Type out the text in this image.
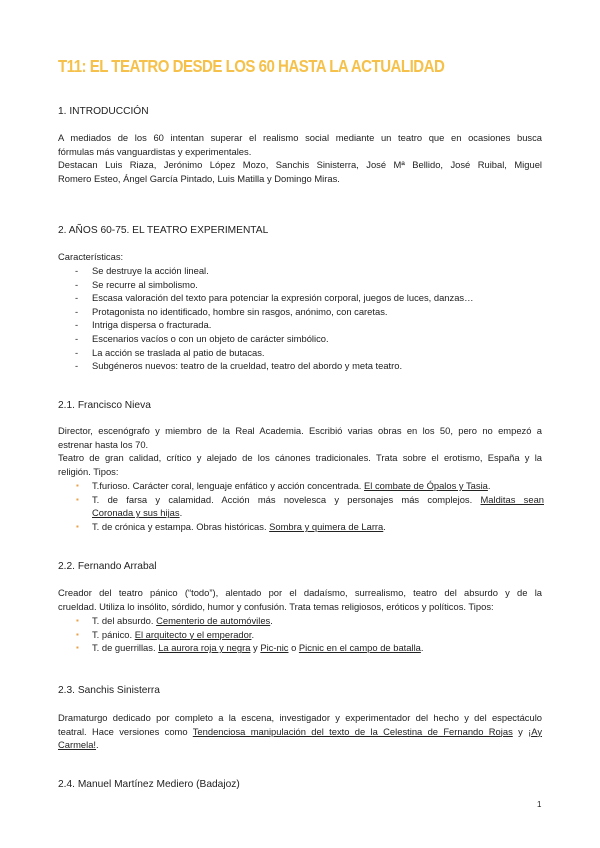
T11: EL TEATRO DESDE LOS 60 HASTA LA ACTUALIDAD
1. INTRODUCCIÓN
A mediados de los 60 intentan superar el realismo social mediante un teatro que en ocasiones busca
fórmulas más vanguardistas y experimentales.
Destacan Luis Riaza, Jerónimo López Mozo, Sanchis Sinisterra, José Mª Bellido, José Ruibal, Miguel
Romero Esteo, Ángel García Pintado, Luis Matilla y Domingo Miras.
2. AÑOS 60-75. EL TEATRO EXPERIMENTAL
Características:
- Se destruye la acción lineal.
- Se recurre al simbolismo.
- Escasa valoración del texto para potenciar la expresión corporal, juegos de luces, danzas…
- Protagonista no identificado, hombre sin rasgos, anónimo, con caretas.
- Intriga dispersa o fracturada.
- Escenarios vacíos o con un objeto de carácter simbólico.
- La acción se traslada al patio de butacas.
- Subgéneros nuevos: teatro de la crueldad, teatro del abordo y meta teatro.
2.1. Francisco Nieva
Director, escenógrafo y miembro de la Real Academia. Escribió varias obras en los 50, pero no empezó a
estrenar hasta los 70.
Teatro de gran calidad, crítico y alejado de los cánones tradicionales. Trata sobre el erotismo, España y la
religión. Tipos:
▪ T.furioso. Carácter coral, lenguaje enfático y acción concentrada. El combate de Ópalos y Tasia.
▪ T. de farsa y calamidad. Acción más novelesca y personajes más complejos. Malditas sean
Coronada y sus hijas.
▪ T. de crónica y estampa. Obras históricas. Sombra y quimera de Larra.
2.2. Fernando Arrabal
Creador del teatro pánico (“todo”), alentado por el dadaísmo, surrealismo, teatro del absurdo y de la
crueldad. Utiliza lo insólito, sórdido, humor y confusión. Trata temas religiosos, eróticos y políticos. Tipos:
▪ T. del absurdo. Cementerio de automóviles.
▪ T. pánico. El arquitecto y el emperador.
▪ T. de guerrillas. La aurora roja y negra y Pic-nic o Picnic en el campo de batalla.
2.3. Sanchis Sinisterra
Dramaturgo dedicado por completo a la escena, investigador y experimentador del hecho y del espectáculo
teatral. Hace versiones como Tendenciosa manipulación del texto de la Celestina de Fernando Rojas y ¡Ay
Carmela!.
2.4. Manuel Martínez Mediero (Badajoz)
1
